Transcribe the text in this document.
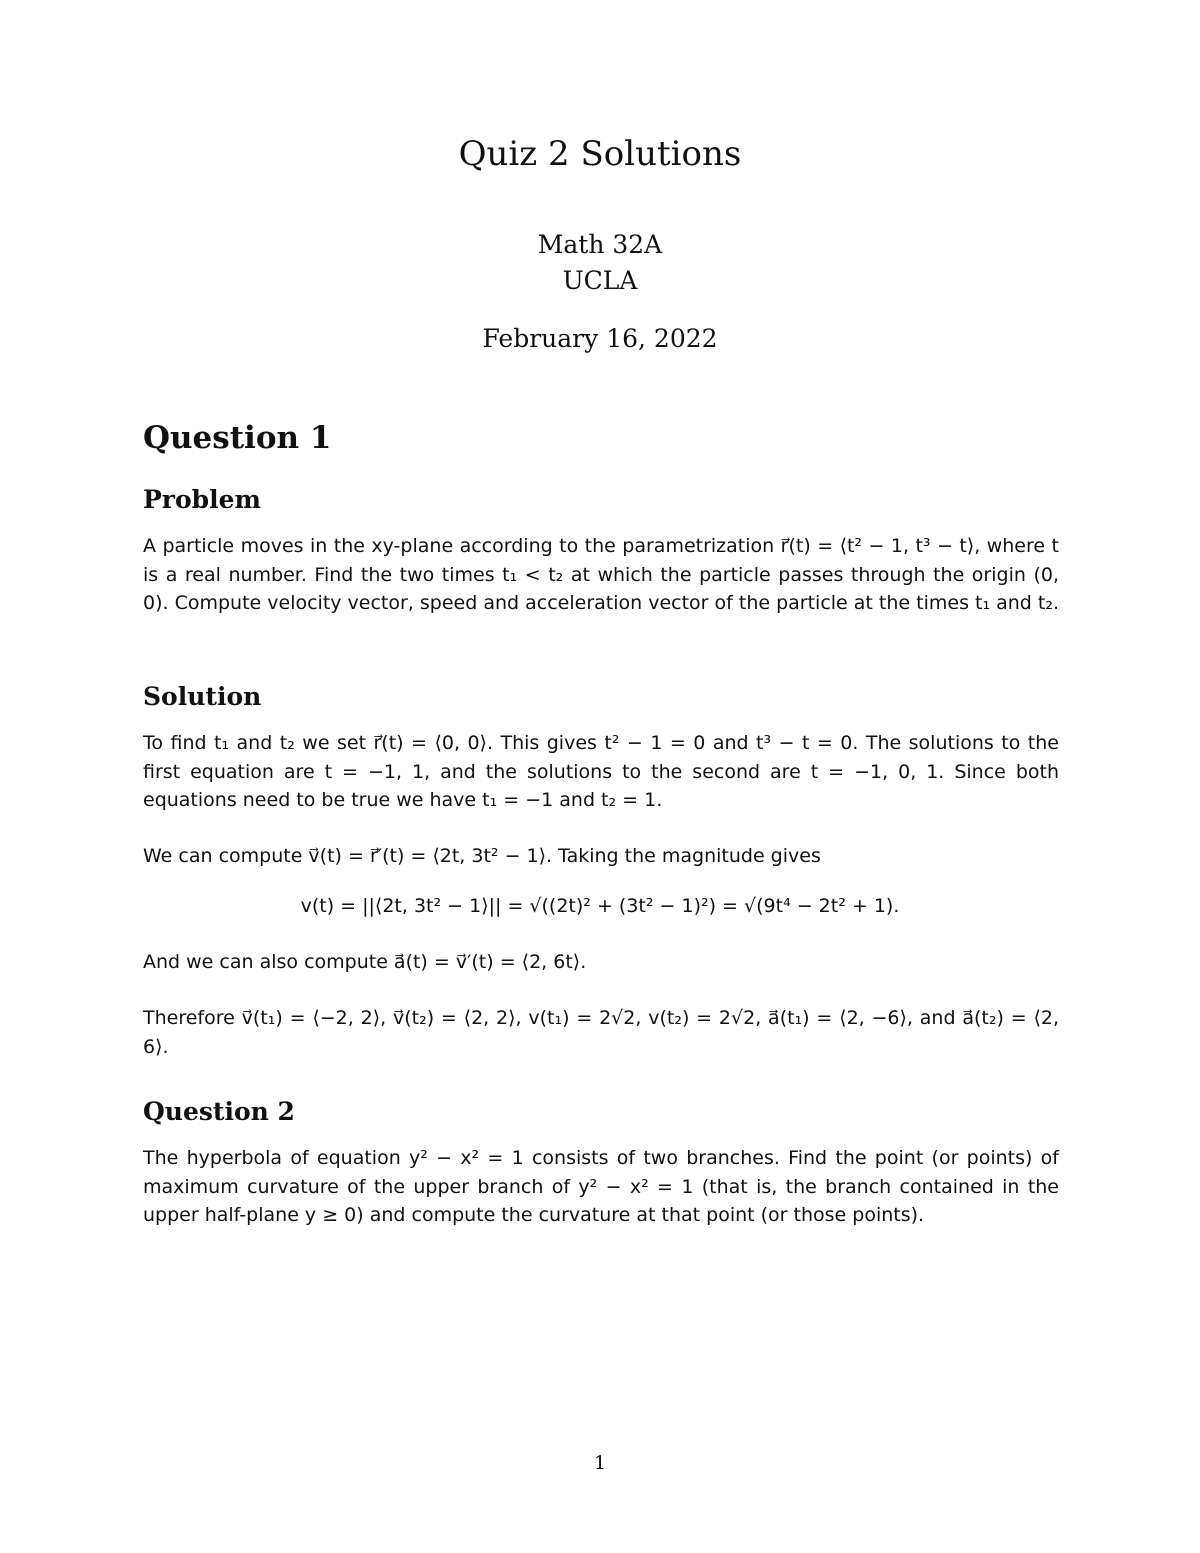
Quiz 2 Solutions
Math 32A
UCLA
February 16, 2022
Question 1
Problem
A particle moves in the xy-plane according to the parametrization r⃗(t) = ⟨t² − 1, t³ − t⟩, where t is a real number. Find the two times t₁ < t₂ at which the particle passes through the origin (0, 0). Compute velocity vector, speed and acceleration vector of the particle at the times t₁ and t₂.
Solution
To find t₁ and t₂ we set r⃗(t) = ⟨0, 0⟩. This gives t² − 1 = 0 and t³ − t = 0. The solutions to the first equation are t = −1, 1, and the solutions to the second are t = −1, 0, 1. Since both equations need to be true we have t₁ = −1 and t₂ = 1.
We can compute v⃗(t) = r⃗′(t) = ⟨2t, 3t² − 1⟩. Taking the magnitude gives
v(t) = ||⟨2t, 3t² − 1⟩|| = √((2t)² + (3t² − 1)²) = √(9t⁴ − 2t² + 1).
And we can also compute a⃗(t) = v⃗′(t) = ⟨2, 6t⟩.
Therefore v⃗(t₁) = ⟨−2, 2⟩, v⃗(t₂) = ⟨2, 2⟩, v(t₁) = 2√2, v(t₂) = 2√2, a⃗(t₁) = ⟨2, −6⟩, and a⃗(t₂) = ⟨2, 6⟩.
Question 2
The hyperbola of equation y² − x² = 1 consists of two branches. Find the point (or points) of maximum curvature of the upper branch of y² − x² = 1 (that is, the branch contained in the upper half-plane y ≥ 0) and compute the curvature at that point (or those points).
1
